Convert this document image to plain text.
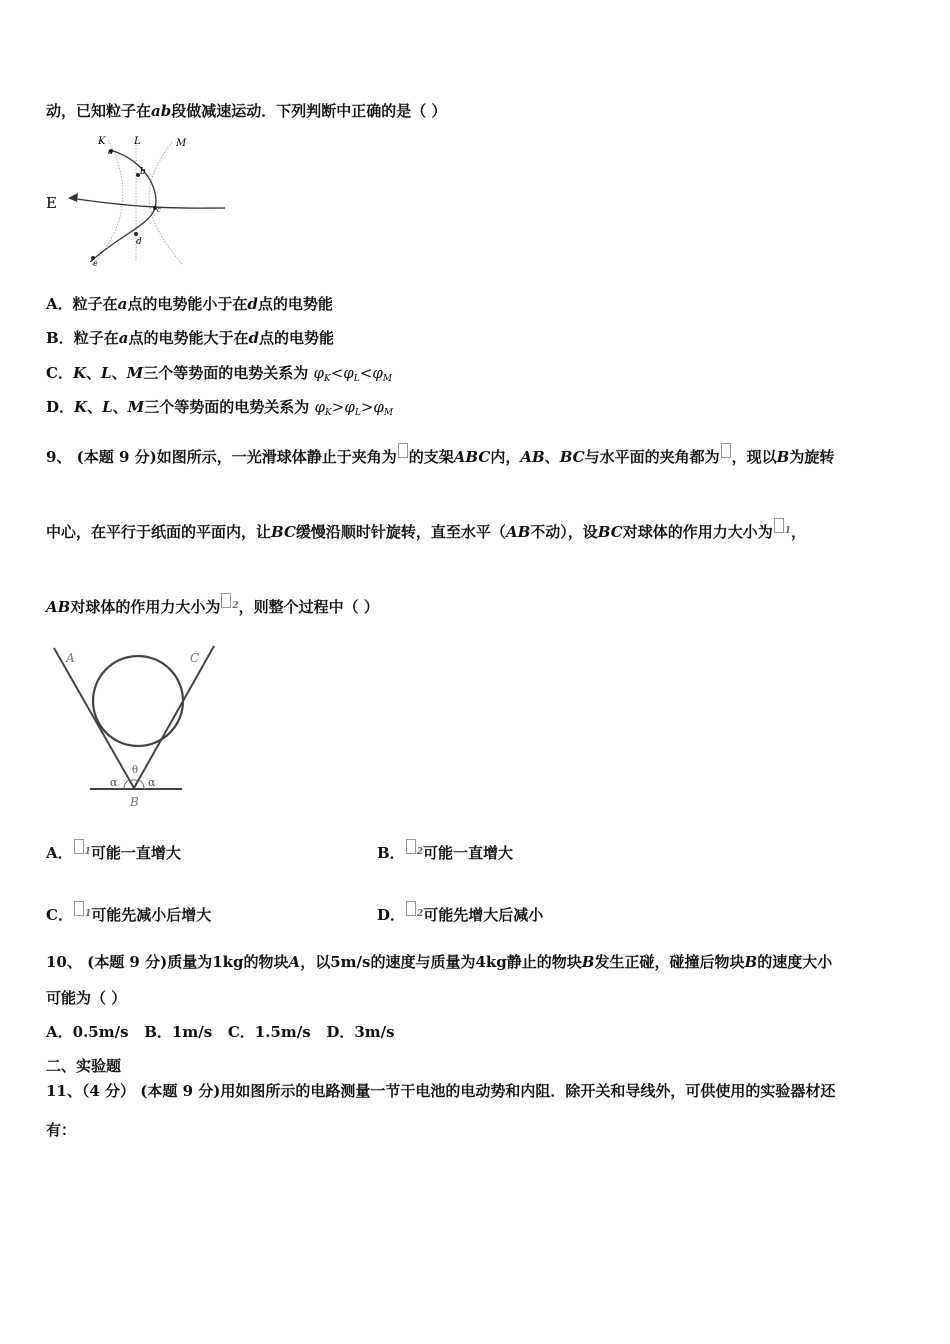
动，已知粒子在ab段做减速运动．下列判断中正确的是（ ）
K	L	M
E
a
b
c
d
e
A．粒子在a点的电势能小于在d点的电势能
B．粒子在a点的电势能大于在d点的电势能
C．K、L、M三个等势面的电势关系为 $\varphi_K<\varphi_L<\varphi_M$
D．K、L、M三个等势面的电势关系为 $\varphi_K>\varphi_L>\varphi_M$
9、 (本题 9 分)如图所示，一光滑球体静止于夹角为 的支架ABC内，AB、BC与水平面的夹角都为 ，现以B为旋转
中心，在平行于纸面的平面内，让BC缓慢沿顺时针旋转，直至水平（AB不动），设BC对球体的作用力大小为 $^1$，
AB对球体的作用力大小为 $^2$，则整个过程中（ ）
A	C
θ
α	α
B
A． $^1$可能一直增大	B． $^2$可能一直增大
C． $^1$可能先减小后增大	D． $^2$可能先增大后减小
10、 (本题 9 分)质量为1kg的物块A，以5m/s的速度与质量为4kg静止的物块B发生正碰，碰撞后物块B的速度大小
可能为（ ）
A．0.5m/s B．1m/s C．1.5m/s D．3m/s
二、实验题
11、（4 分） (本题 9 分)用如图所示的电路测量一节干电池的电动势和内阻．除开关和导线外，可供使用的实验器材还
有：
